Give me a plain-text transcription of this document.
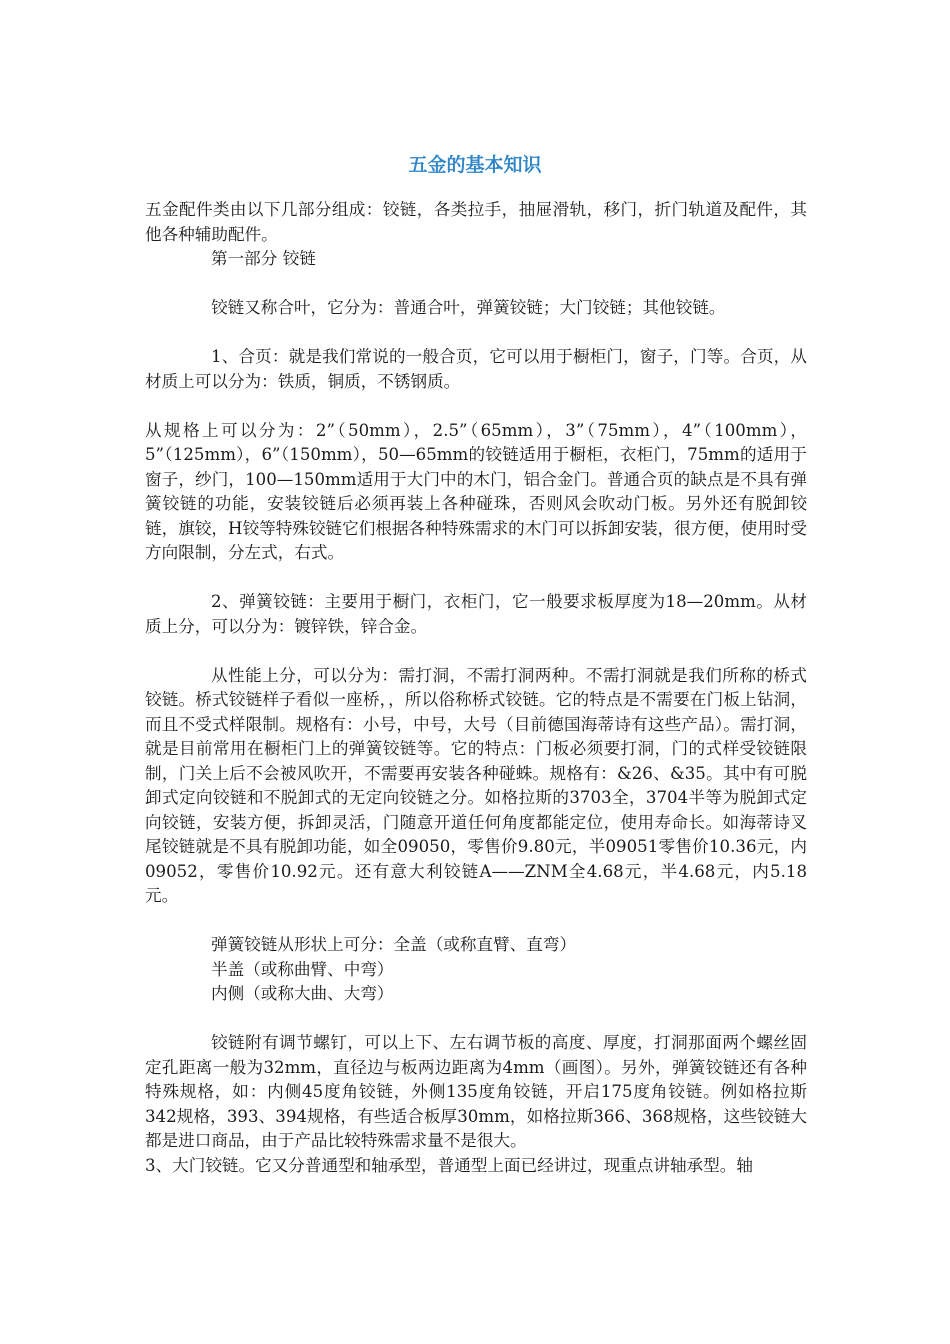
五金的基本知识

五金配件类由以下几部分组成：铰链，各类拉手，抽屉滑轨，移门，折门轨道及配件，其他各种辅助配件。

第一部分 铰链

铰链又称合叶，它分为：普通合叶，弹簧铰链；大门铰链；其他铰链。

1、合页：就是我们常说的一般合页，它可以用于橱柜门，窗子，门等。合页，从材质上可以分为：铁质，铜质，不锈钢质。

从规格上可以分为：2”（50mm），2.5”（65mm），3”（75mm），4”（100mm），5”（125mm），6”（150mm），50—65mm的铰链适用于橱柜，衣柜门，75mm的适用于窗子，纱门，100—150mm适用于大门中的木门，铝合金门。普通合页的缺点是不具有弹簧铰链的功能，安装铰链后必须再装上各种碰珠，否则风会吹动门板。另外还有脱卸铰链，旗铰，H铰等特殊铰链它们根据各种特殊需求的木门可以拆卸安装，很方便，使用时受方向限制，分左式，右式。

2、弹簧铰链：主要用于橱门，衣柜门，它一般要求板厚度为18—20mm。从材质上分，可以分为：镀锌铁，锌合金。

从性能上分，可以分为：需打洞，不需打洞两种。不需打洞就是我们所称的桥式铰链。桥式铰链样子看似一座桥，，所以俗称桥式铰链。它的特点是不需要在门板上钻洞，而且不受式样限制。规格有：小号，中号，大号（目前德国海蒂诗有这些产品）。需打洞，就是目前常用在橱柜门上的弹簧铰链等。它的特点：门板必须要打洞，门的式样受铰链限制，门关上后不会被风吹开，不需要再安装各种碰蛛。规格有：&26、&35。其中有可脱卸式定向铰链和不脱卸式的无定向铰链之分。如格拉斯的3703全，3704半等为脱卸式定向铰链，安装方便，拆卸灵活，门随意开道任何角度都能定位，使用寿命长。如海蒂诗叉尾铰链就是不具有脱卸功能，如全09050，零售价9.80元，半09051零售价10.36元，内09052，零售价10.92元。还有意大利铰链A——ZNM全4.68元，半4.68元，内5.18元。

弹簧铰链从形状上可分：全盖（或称直臂、直弯）

半盖（或称曲臂、中弯）

内侧（或称大曲、大弯）

铰链附有调节螺钉，可以上下、左右调节板的高度、厚度，打洞那面两个螺丝固定孔距离一般为32mm，直径边与板两边距离为4mm（画图）。另外，弹簧铰链还有各种特殊规格，如：内侧45度角铰链，外侧135度角铰链，开启175度角铰链。例如格拉斯342规格，393、394规格，有些适合板厚30mm，如格拉斯366、368规格，这些铰链大都是进口商品，由于产品比较特殊需求量不是很大。

3、大门铰链。它又分普通型和轴承型，普通型上面已经讲过，现重点讲轴承型。轴
